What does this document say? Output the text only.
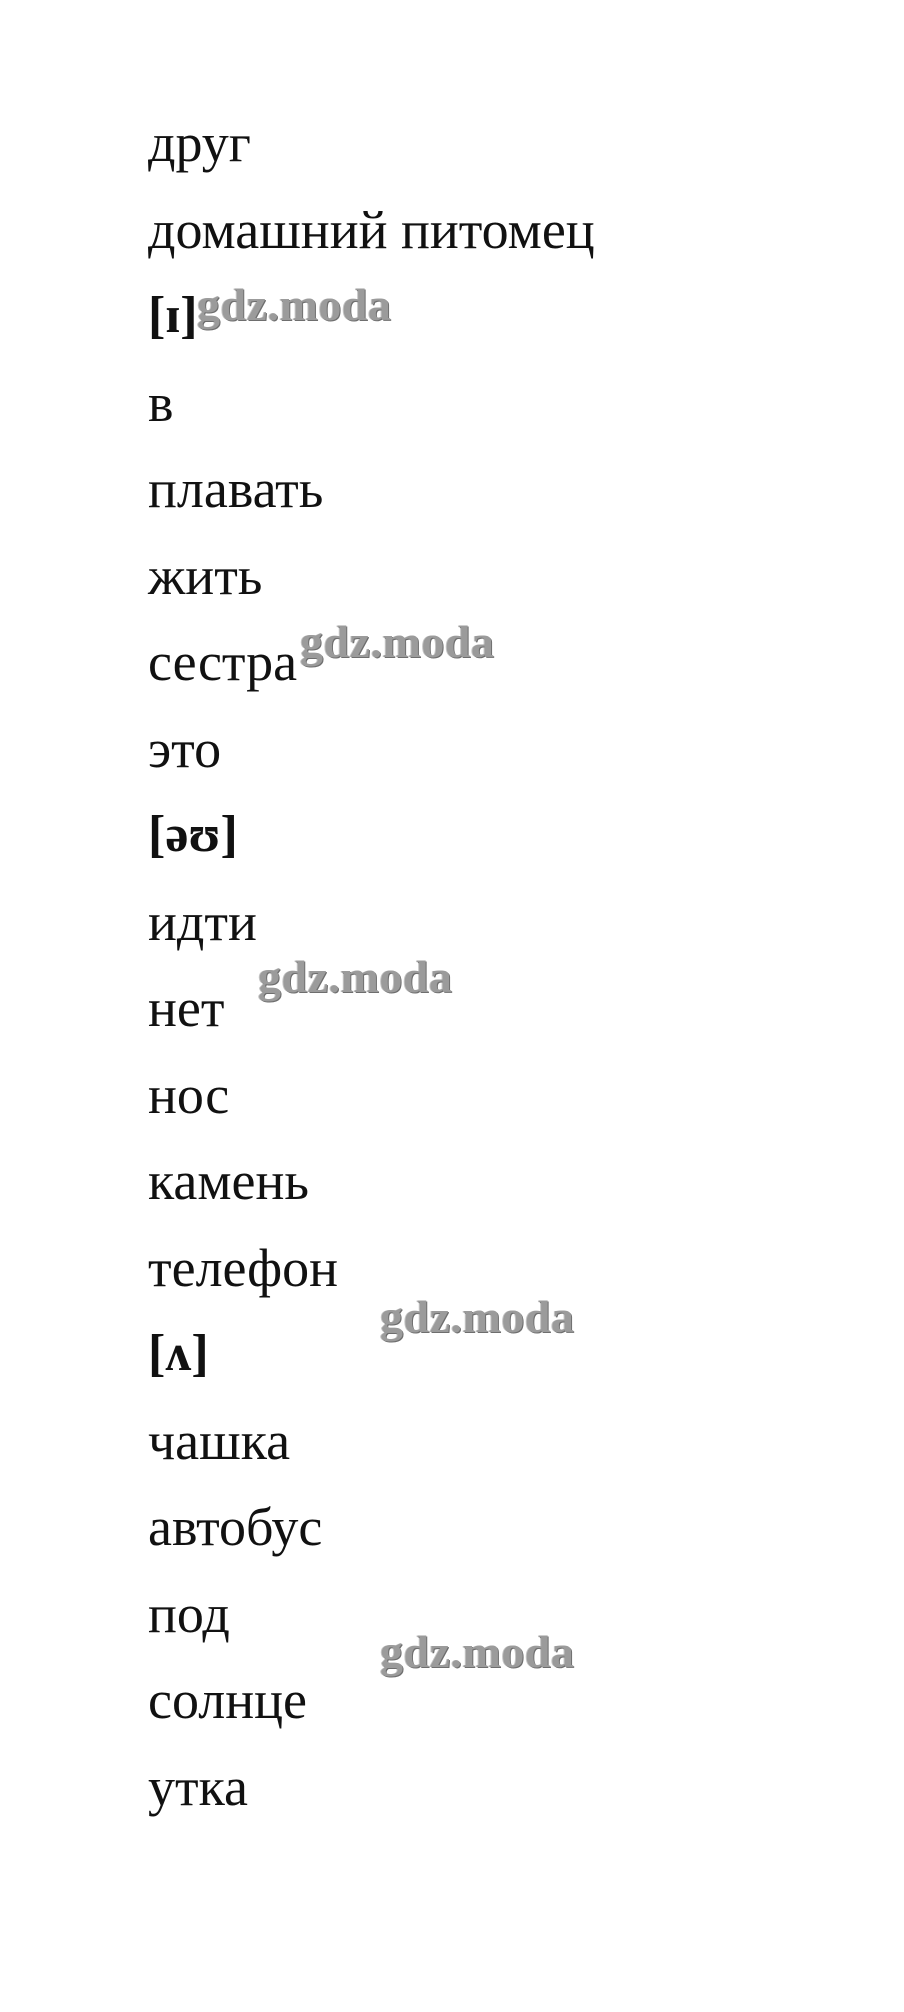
друг
домашний питомец
[ɪ]
в
плавать
жить
сестра
это
[əʊ]
идти
нет
нос
камень
телефон
[ʌ]
чашка
автобус
под
солнце
утка
gdz.moda
gdz.moda
gdz.moda
gdz.moda
gdz.moda
